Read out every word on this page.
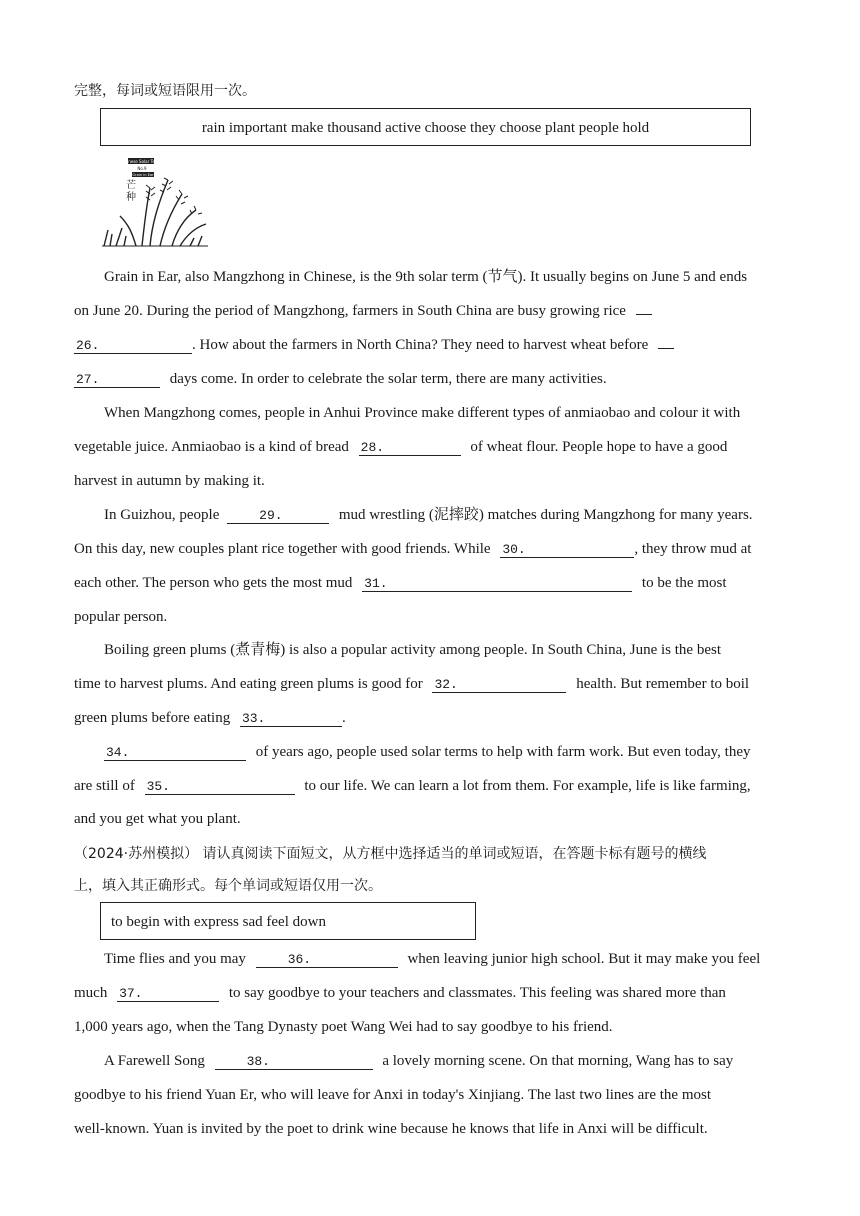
完整，每词或短语限用一次。
rain important make thousand active choose they choose plant people hold
Chinese Solar Term
No.9
Grain in Ear
芒
种
Grain in Ear, also Mangzhong in Chinese, is the 9th solar term (节气). It usually begins on June 5 and ends
on June 20. During the period of Mangzhong, farmers in South China are busy growing rice
26.	. How about the farmers in North China? They need to harvest wheat before
27.	days come. In order to celebrate the solar term, there are many activities.
When Mangzhong comes, people in Anhui Province make different types of anmiaobao and colour it with
vegetable juice. Anmiaobao is a kind of bread 28.	of wheat flour. People hope to have a good
harvest in autumn by making it.
In Guizhou, people	29.	mud wrestling (泥摔跤) matches during Mangzhong for many years.
On this day, new couples plant rice together with good friends. While 30.	, they throw mud at
each other. The person who gets the most mud 31.	to be the most
popular person.
Boiling green plums (煮青梅) is also a popular activity among people. In South China, June is the best
time to harvest plums. And eating green plums is good for 32.	health. But remember to boil
green plums before eating 33.	.
34.	of years ago, people used solar terms to help with farm work. But even today, they
are still of 35.	to our life. We can learn a lot from them. For example, life is like farming,
and you get what you plant.
（2024·苏州模拟） 请认真阅读下面短文，从方框中选择适当的单词或短语，在答题卡标有题号的横线
上，填入其正确形式。每个单词或短语仅用一次。
to begin with express sad feel down
Time flies and you may	36.	when leaving junior high school. But it may make you feel
much 37.	to say goodbye to your teachers and classmates. This feeling was shared more than
1,000 years ago, when the Tang Dynasty poet Wang Wei had to say goodbye to his friend.
A Farewell Song	38.	a lovely morning scene. On that morning, Wang has to say
goodbye to his friend Yuan Er, who will leave for Anxi in today's Xinjiang. The last two lines are the most
well-known. Yuan is invited by the poet to drink wine because he knows that life in Anxi will be difficult.
